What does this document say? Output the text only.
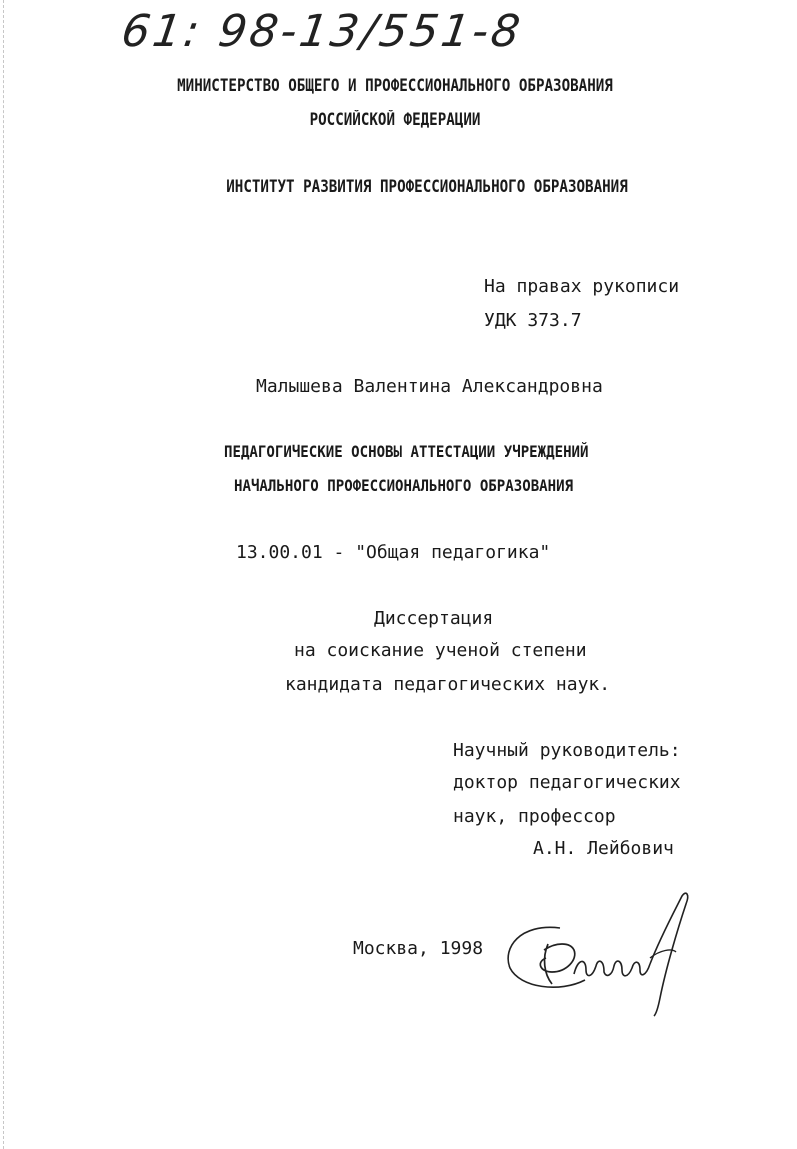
61: 98-13/551-8
МИНИСТЕРСТВО ОБЩЕГО И ПРОФЕССИОНАЛЬНОГО ОБРАЗОВАНИЯ
РОССИЙСКОЙ ФЕДЕРАЦИИ
ИНСТИТУТ РАЗВИТИЯ ПРОФЕССИОНАЛЬНОГО ОБРАЗОВАНИЯ
На правах рукописи
УДК 373.7
Малышева Валентина Александровна
ПЕДАГОГИЧЕСКИЕ ОСНОВЫ АТТЕСТАЦИИ УЧРЕЖДЕНИЙ
НАЧАЛЬНОГО ПРОФЕССИОНАЛЬНОГО ОБРАЗОВАНИЯ
13.00.01 - "Общая педагогика"
Диссертация
на соискание ученой степени
кандидата педагогических наук.
Научный руководитель:
доктор педагогических
наук, профессор
А.Н. Лейбович
Москва, 1998
